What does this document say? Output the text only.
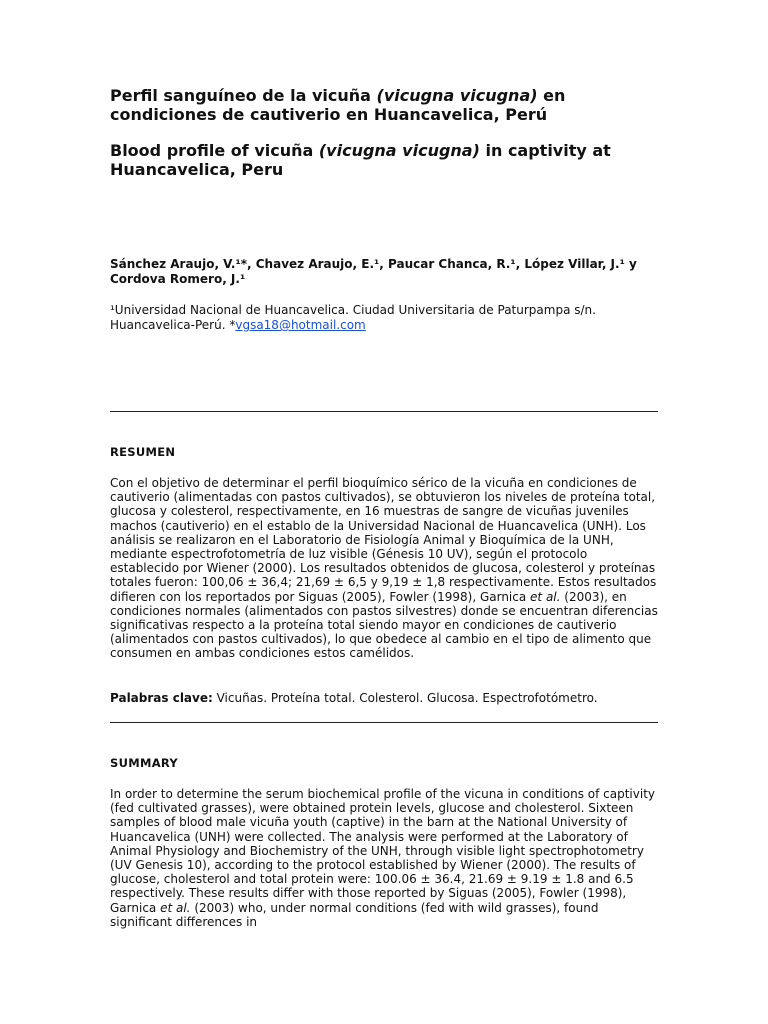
Perfil sanguíneo de la vicuña (vicugna vicugna) en condiciones de cautiverio en Huancavelica, Perú
Blood profile of vicuña (vicugna vicugna) in captivity at Huancavelica, Peru
Sánchez Araujo, V.¹*, Chavez Araujo, E.¹, Paucar Chanca, R.¹, López Villar, J.¹ y Cordova Romero, J.¹
¹Universidad Nacional de Huancavelica. Ciudad Universitaria de Paturpampa s/n. Huancavelica-Perú. *vgsa18@hotmail.com
RESUMEN

Con el objetivo de determinar el perfil bioquímico sérico de la vicuña en condiciones de cautiverio (alimentadas con pastos cultivados), se obtuvieron los niveles de proteína total, glucosa y colesterol, respectivamente, en 16 muestras de sangre de vicuñas juveniles machos (cautiverio) en el establo de la Universidad Nacional de Huancavelica (UNH). Los análisis se realizaron en el Laboratorio de Fisiología Animal y Bioquímica de la UNH, mediante espectrofotometría de luz visible (Génesis 10 UV), según el protocolo establecido por Wiener (2000). Los resultados obtenidos de glucosa, colesterol y proteínas totales fueron: 100,06 ± 36,4; 21,69 ± 6,5 y 9,19 ± 1,8 respectivamente. Estos resultados difieren con los reportados por Siguas (2005), Fowler (1998), Garnica et al. (2003), en condiciones normales (alimentados con pastos silvestres) donde se encuentran diferencias significativas respecto a la proteína total siendo mayor en condiciones de cautiverio (alimentados con pastos cultivados), lo que obedece al cambio en el tipo de alimento que consumen en ambas condiciones estos camélidos.

Palabras clave: Vicuñas. Proteína total. Colesterol. Glucosa. Espectrofotómetro.
SUMMARY

In order to determine the serum biochemical profile of the vicuna in conditions of captivity (fed cultivated grasses), were obtained protein levels, glucose and cholesterol. Sixteen samples of blood male vicuña youth (captive) in the barn at the National University of Huancavelica (UNH) were collected. The analysis were performed at the Laboratory of Animal Physiology and Biochemistry of the UNH, through visible light spectrophotometry (UV Genesis 10), according to the protocol established by Wiener (2000). The results of glucose, cholesterol and total protein were: 100.06 ± 36.4, 21.69 ± 9.19 ± 1.8 and 6.5 respectively. These results differ with those reported by Siguas (2005), Fowler (1998), Garnica et al. (2003) who, under normal conditions (fed with wild grasses), found significant differences in
